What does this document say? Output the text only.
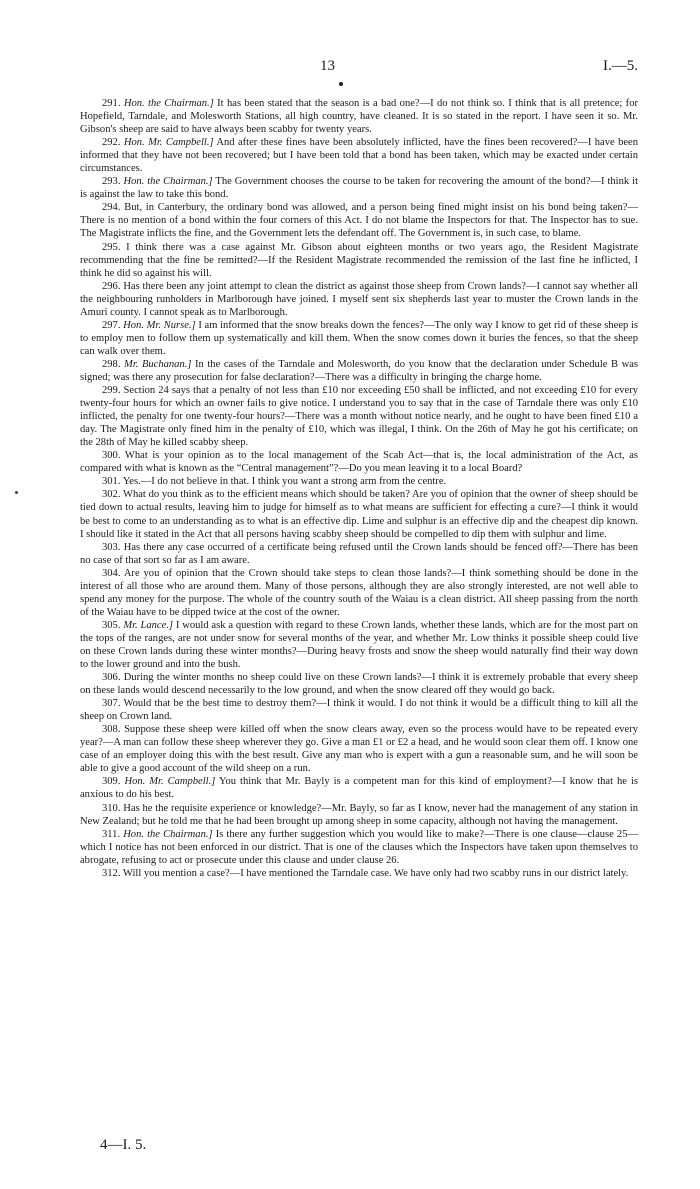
13	I.—5.

291. Hon. the Chairman.] It has been stated that the season is a bad one?—I do not think so. I think that is all pretence; for Hopefield, Tarndale, and Molesworth Stations, all high country, have cleaned. It is so stated in the report. I have seen it so. Mr. Gibson's sheep are said to have always been scabby for twenty years.

292. Hon. Mr. Campbell.] And after these fines have been absolutely inflicted, have the fines been recovered?—I have been informed that they have not been recovered; but I have been told that a bond has been taken, which may be exacted under certain circumstances.

293. Hon. the Chairman.] The Government chooses the course to be taken for recovering the amount of the bond?—I think it is against the law to take this bond.

294. But, in Canterbury, the ordinary bond was allowed, and a person being fined might insist on his bond being taken?—There is no mention of a bond within the four corners of this Act. I do not blame the Inspectors for that. The Inspector has to sue. The Magistrate inflicts the fine, and the Government lets the defendant off. The Government is, in such case, to blame.

295. I think there was a case against Mr. Gibson about eighteen months or two years ago, the Resident Magistrate recommending that the fine be remitted?—If the Resident Magistrate recommended the remission of the last fine he inflicted, I think he did so against his will.

296. Has there been any joint attempt to clean the district as against those sheep from Crown lands?—I cannot say whether all the neighbouring runholders in Marlborough have joined. I myself sent six shepherds last year to muster the Crown lands in the Amuri county. I cannot speak as to Marlborough.

297. Hon. Mr. Nurse.] I am informed that the snow breaks down the fences?—The only way I know to get rid of these sheep is to employ men to follow them up systematically and kill them. When the snow comes down it buries the fences, so that the sheep can walk over them.

298. Mr. Buchanan.] In the cases of the Tarndale and Molesworth, do you know that the declaration under Schedule B was signed; was there any prosecution for false declaration?—There was a difficulty in bringing the charge home.

299. Section 24 says that a penalty of not less than £10 nor exceeding £50 shall be inflicted, and not exceeding £10 for every twenty-four hours for which an owner fails to give notice. I understand you to say that in the case of Tarndale there was only £10 inflicted, the penalty for one twenty-four hours?—There was a month without notice nearly, and he ought to have been fined £10 a day. The Magistrate only fined him in the penalty of £10, which was illegal, I think. On the 26th of May he got his certificate; on the 28th of May he killed scabby sheep.

300. What is your opinion as to the local management of the Scab Act—that is, the local administration of the Act, as compared with what is known as the “Central management”?—Do you mean leaving it to a local Board?

301. Yes.—I do not believe in that. I think you want a strong arm from the centre.

302. What do you think as to the efficient means which should be taken? Are you of opinion that the owner of sheep should be tied down to actual results, leaving him to judge for himself as to what means are sufficient for effecting a cure?—I think it would be best to come to an understanding as to what is an effective dip. Lime and sulphur is an effective dip and the cheapest dip known. I should like it stated in the Act that all persons having scabby sheep should be compelled to dip them with sulphur and lime.

303. Has there any case occurred of a certificate being refused until the Crown lands should be fenced off?—There has been no case of that sort so far as I am aware.

304. Are you of opinion that the Crown should take steps to clean those lands?—I think something should be done in the interest of all those who are around them. Many of those persons, although they are also strongly interested, are not well able to spend any money for the purpose. The whole of the country south of the Waiau is a clean district. All sheep passing from the north of the Waiau have to be dipped twice at the cost of the owner.

305. Mr. Lance.] I would ask a question with regard to these Crown lands, whether these lands, which are for the most part on the tops of the ranges, are not under snow for several months of the year, and whether Mr. Low thinks it possible sheep could live on these Crown lands during these winter months?—During heavy frosts and snow the sheep would naturally find their way down to the lower ground and into the bush.

306. During the winter months no sheep could live on these Crown lands?—I think it is extremely probable that every sheep on these lands would descend necessarily to the low ground, and when the snow cleared off they would go back.

307. Would that be the best time to destroy them?—I think it would. I do not think it would be a difficult thing to kill all the sheep on Crown land.

308. Suppose these sheep were killed off when the snow clears away, even so the process would have to be repeated every year?—A man can follow these sheep wherever they go. Give a man £1 or £2 a head, and he would soon clear them off. I know one case of an employer doing this with the best result. Give any man who is expert with a gun a reasonable sum, and he will soon be able to give a good account of the wild sheep on a run.

309. Hon. Mr. Campbell.] You think that Mr. Bayly is a competent man for this kind of employment?—I know that he is anxious to do his best.

310. Has he the requisite experience or knowledge?—Mr. Bayly, so far as I know, never had the management of any station in New Zealand; but he told me that he had been brought up among sheep in some capacity, although not having the management.

311. Hon. the Chairman.] Is there any further suggestion which you would like to make?—There is one clause—clause 25—which I notice has not been enforced in our district. That is one of the clauses which the Inspectors have taken upon themselves to abrogate, refusing to act or prosecute under this clause and under clause 26.

312. Will you mention a case?—I have mentioned the Tarndale case. We have only had two scabby runs in our district lately.

4—I. 5.
